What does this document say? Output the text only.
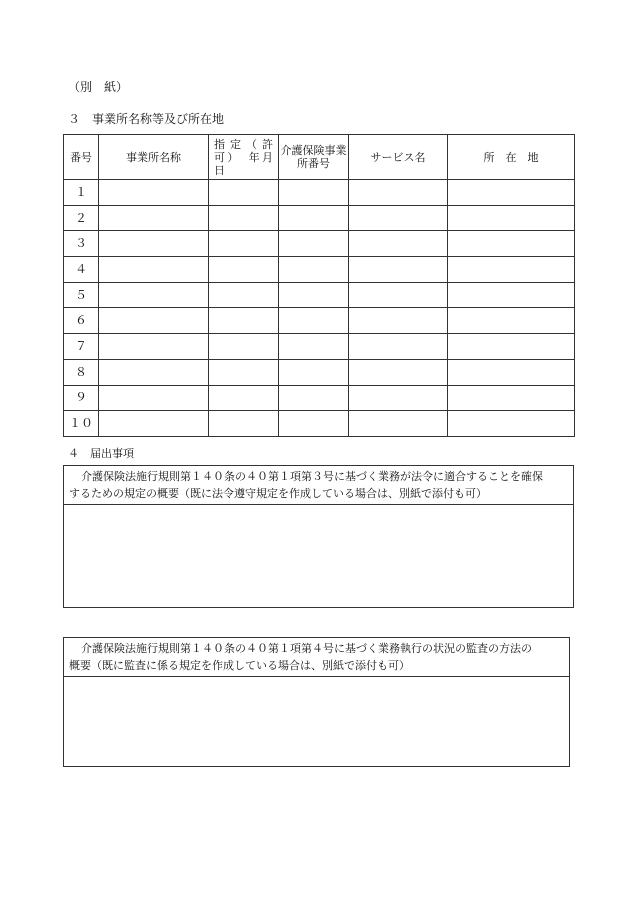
（別　紙）
３　事業所名称等及び所在地
番号	事業所名称	指定（許可）　年月日	介護保険事業所番号	サービス名	所　在　地
１					
２					
３					
４					
５					
６					
７					
８					
９					
１０					
４　届出事項
介護保険法施行規則第１４０条の４０第１項第３号に基づく業務が法令に適合することを確保
するための規定の概要（既に法令遵守規定を作成している場合は、別紙で添付も可）
介護保険法施行規則第１４０条の４０第１項第４号に基づく業務執行の状況の監査の方法の
概要（既に監査に係る規定を作成している場合は、別紙で添付も可）
